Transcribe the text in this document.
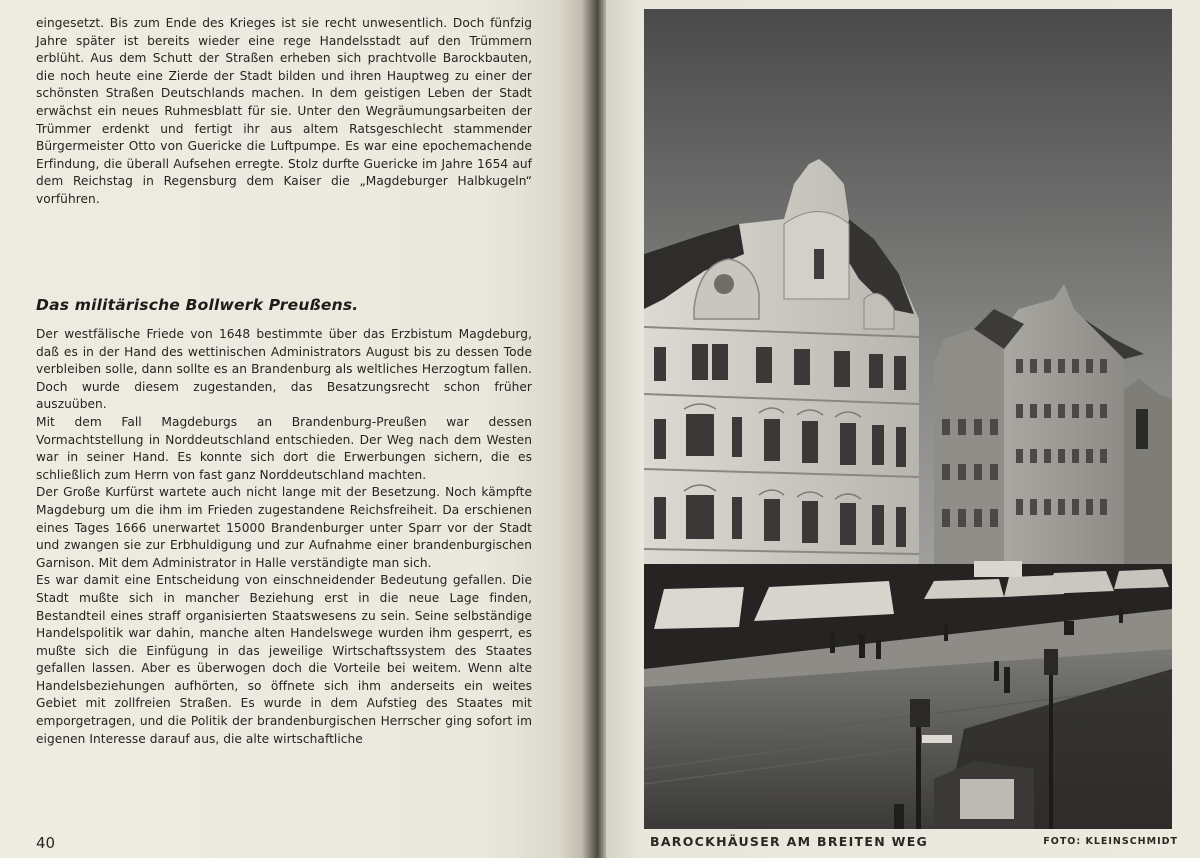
eingesetzt. Bis zum Ende des Krieges ist sie recht unwesentlich. Doch fünfzig Jahre später ist bereits wieder eine rege Handelsstadt auf den Trümmern erblüht. Aus dem Schutt der Straßen erheben sich prachtvolle Barockbauten, die noch heute eine Zierde der Stadt bilden und ihren Hauptweg zu einer der schönsten Straßen Deutschlands machen. In dem geistigen Leben der Stadt erwächst ein neues Ruhmesblatt für sie. Unter den Wegräumungsarbeiten der Trümmer erdenkt und fertigt ihr aus altem Ratsgeschlecht stammender Bürgermeister Otto von Guericke die Luftpumpe. Es war eine epochemachende Erfindung, die überall Aufsehen erregte. Stolz durfte Guericke im Jahre 1654 auf dem Reichstag in Regensburg dem Kaiser die „Magdeburger Halbkugeln“ vorführen.

Das militärische Bollwerk Preußens.

Der westfälische Friede von 1648 bestimmte über das Erzbistum Magdeburg, daß es in der Hand des wettinischen Administrators August bis zu dessen Tode verbleiben solle, dann sollte es an Brandenburg als weltliches Herzogtum fallen. Doch wurde diesem zugestanden, das Besatzungsrecht schon früher auszuüben.

Mit dem Fall Magdeburgs an Brandenburg-Preußen war dessen Vormachtstellung in Norddeutschland entschieden. Der Weg nach dem Westen war in seiner Hand. Es konnte sich dort die Erwerbungen sichern, die es schließlich zum Herrn von fast ganz Norddeutschland machten.

Der Große Kurfürst wartete auch nicht lange mit der Besetzung. Noch kämpfte Magdeburg um die ihm im Frieden zugestandene Reichsfreiheit. Da erschienen eines Tages 1666 unerwartet 15000 Brandenburger unter Sparr vor der Stadt und zwangen sie zur Erbhuldigung und zur Aufnahme einer brandenburgischen Garnison. Mit dem Administrator in Halle verständigte man sich.

Es war damit eine Entscheidung von einschneidender Bedeutung gefallen. Die Stadt mußte sich in mancher Beziehung erst in die neue Lage finden, Bestandteil eines straff organisierten Staatswesens zu sein. Seine selbständige Handelspolitik war dahin, manche alten Handelswege wurden ihm gesperrt, es mußte sich die Einfügung in das jeweilige Wirtschaftssystem des Staates gefallen lassen. Aber es überwogen doch die Vorteile bei weitem. Wenn alte Handelsbeziehungen aufhörten, so öffnete sich ihm anderseits ein weites Gebiet mit zollfreien Straßen. Es wurde in dem Aufstieg des Staates mit emporgetragen, und die Politik der brandenburgischen Herrscher ging sofort im eigenen Interesse darauf aus, die alte wirtschaftliche

40	BAROCKHÄUSER AM BREITEN WEG	FOTO: KLEINSCHMIDT
